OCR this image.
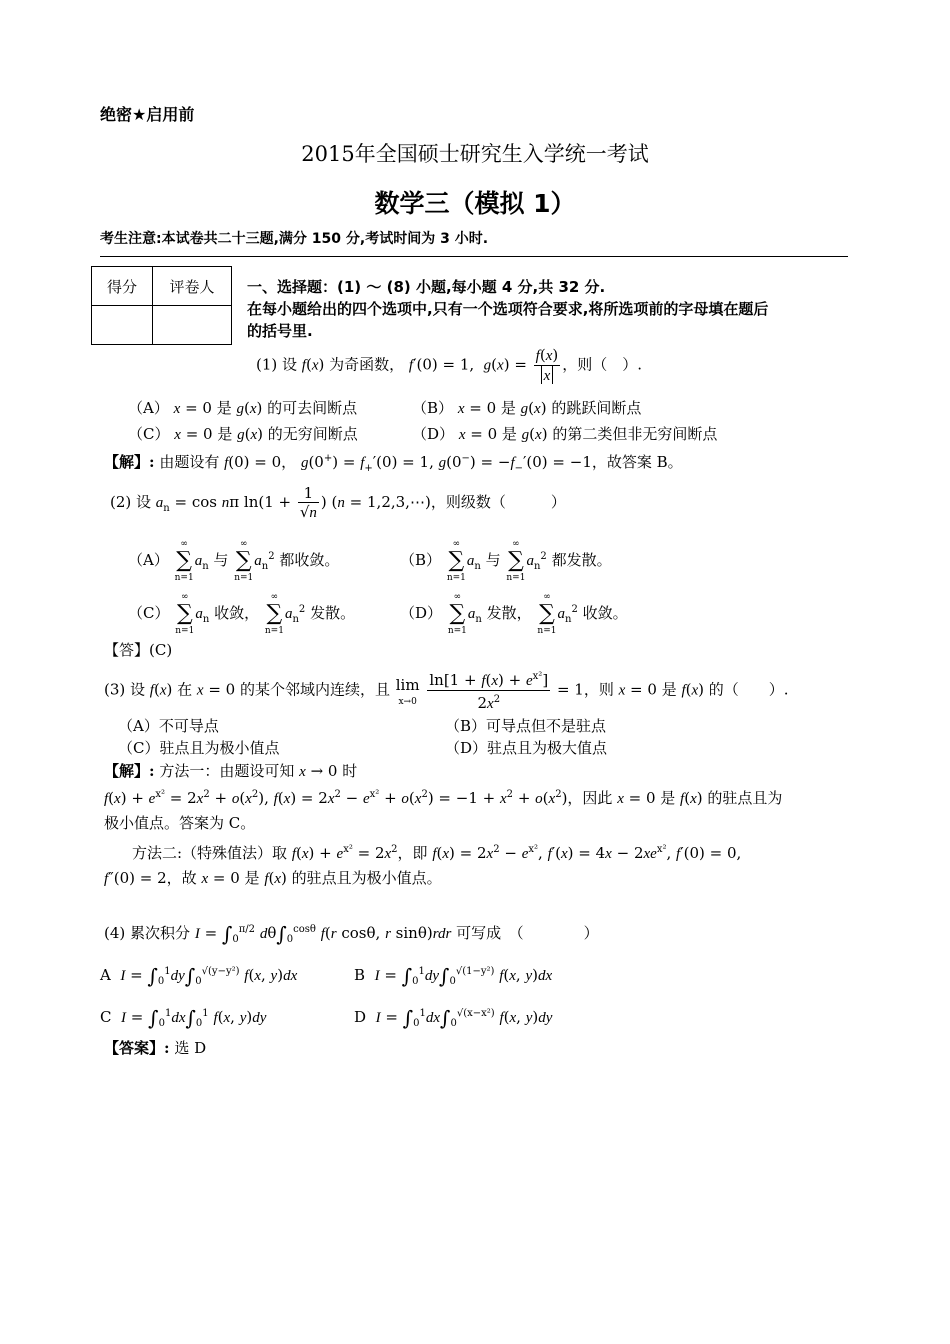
绝密★启用前
2015年全国硕士研究生入学统一考试
数学三（模拟 1）
考生注意:本试卷共二十三题,满分 150 分,考试时间为 3 小时.
得分	评卷人
	一、选择题：(1) ～ (8) 小题,每小题 4 分,共 32 分.
在每小题给出的四个选项中,只有一个选项符合要求,将所选项前的字母填在题后
的括号里.
(1) 设 f(x) 为奇函数， f′(0) = 1,  $g(x) = \frac{f(x)}{x}$ ，则（　）.
（A） x = 0 是 g(x) 的可去间断点	（B） x = 0 是 g(x) 的跳跃间断点
（C） x = 0 是 g(x) 的无穷间断点	（D） x = 0 是 g(x) 的第二类但非无穷间断点
【解】: 由题设有 f(0) = 0， $g(0^+) = f_+'(0) = 1$, $g(0^-) = -f_-'(0) = -1$，故答案 B。
(2) 设 $a_n = \cos n\pi$ $\ln(1 + \frac{1}{√n}$ ) (n = 1,2,3,⋯)，则级数（　　　）
（A）
∞
∑
n=1
$a_n$ 与
∞
∑
n=1
$a_n^2$ 都收敛。	（B）
∞
∑
n=1
$a_n$ 与
∞
∑
n=1
$a_n^2$ 都发散。
（C）
∞
∑
n=1
$a_n$ 收敛，
∞
∑
n=1
$a_n^2$ 发散。	（D）
∞
∑
n=1
$a_n$ 发散，
∞
∑
n=1
$a_n^2$ 收敛。
【答】(C)
(3) 设 f(x) 在 x = 0 的某个邻域内连续，且 lim
x→0
$\frac{\ln[1 + f(x) + e^{x^2}]}{2x^2} = 1$，则 x = 0 是 f(x) 的（　　）.
（A）不可导点	（B）可导点但不是驻点
（C）驻点且为极小值点	（D）驻点且为极大值点
【解】: 方法一：由题设可知 x → 0 时
$f(x) + e^{x^2} = 2x^2 + o(x^2)$, $f(x) = 2x^2 - e^{x^2} + o(x^2) = -1 + x^2 + o(x^2)$，因此 x = 0 是 f(x) 的驻点且为
极小值点。答案为 C。
方法二:（特殊值法）取 $f(x) + e^{x^2} = 2x^2$，即 $f(x) = 2x^2 - e^{x^2}$, $f'(x) = 4x - 2xe^{x^2}$, f′(0) = 0,
f″(0) = 2，故 x = 0 是 f(x) 的驻点且为极小值点。
(4) 累次积分 $I = \int_0^{\pi/2}$ $d\theta\int_0^{cos\theta}$ f(r cosθ, r sinθ)rdr 可写成　（　　　　）
A $I = \int_0^1dy\int_0^{√(y-y^2)}$ f(x, y)dx	B $I = \int_0^1dy\int_0^{√(1-y^2)}$ f(x, y)dx
C $I = \int_0^1dx\int_0^1$ f(x, y)dy	D $I = \int_0^1dx\int_0^{√(x-x^2)}$ f(x, y)dy
【答案】: 选 D
